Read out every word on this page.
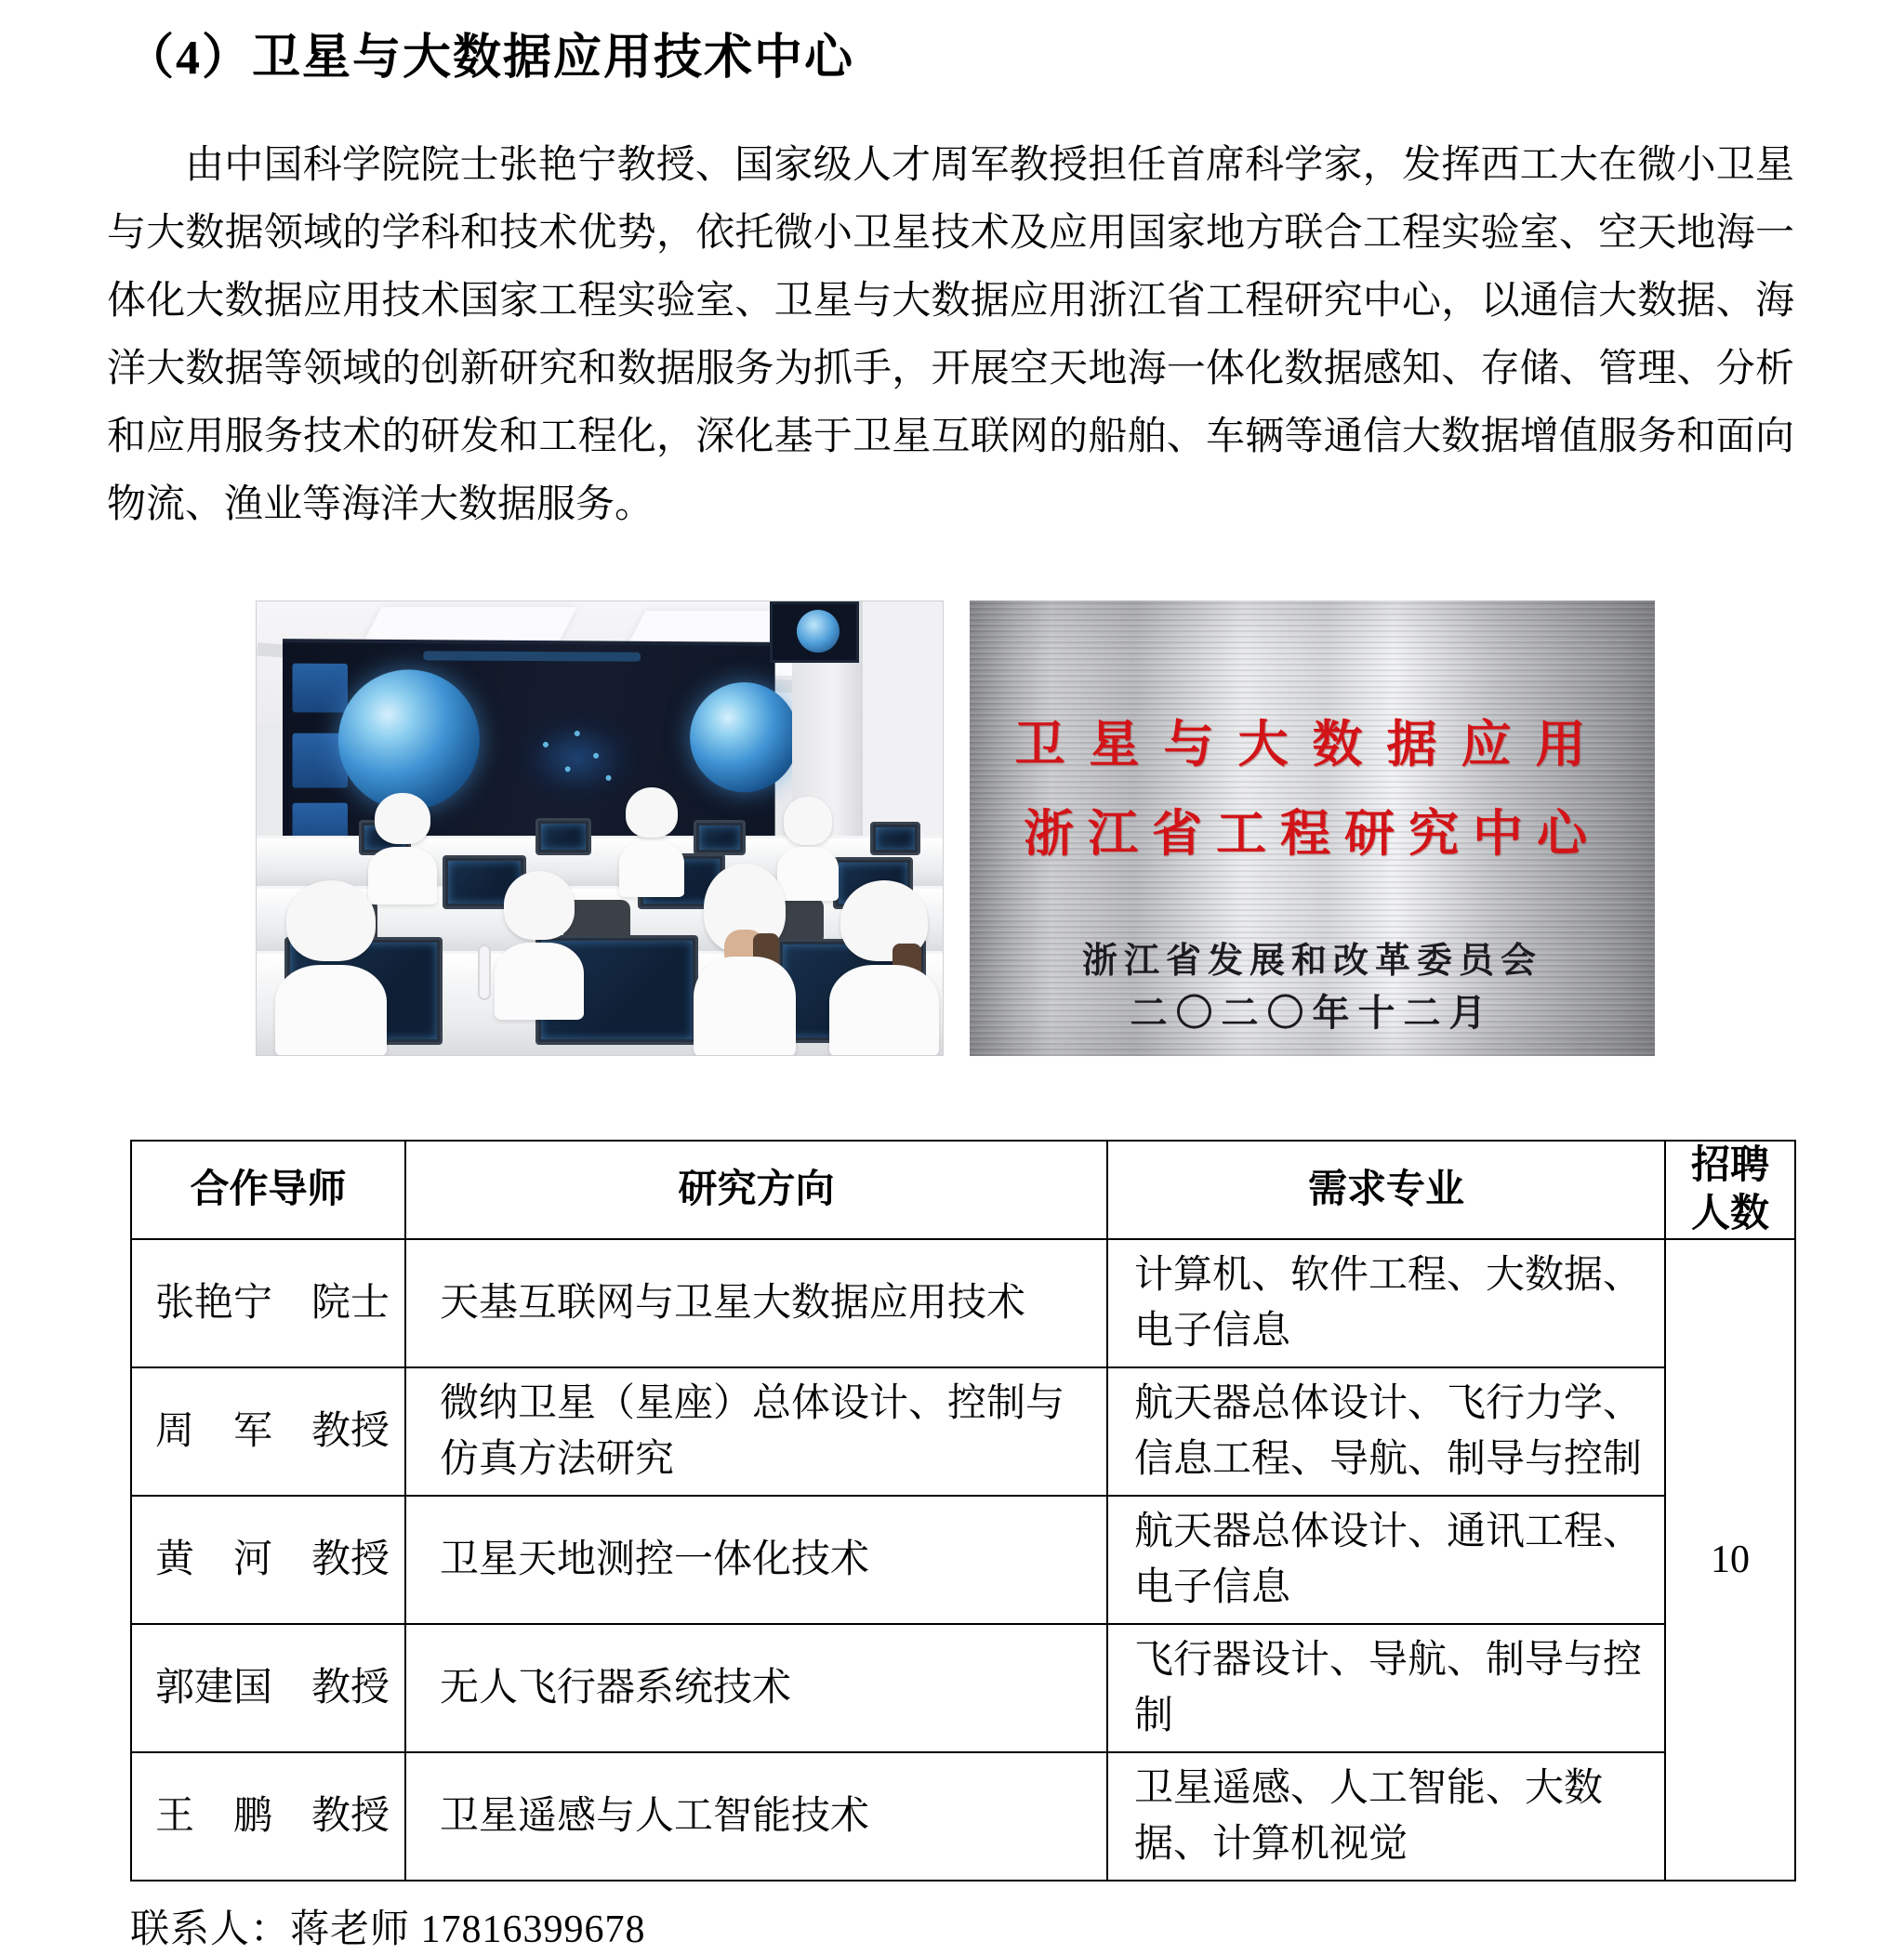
（4）卫星与大数据应用技术中心

由中国科学院院士张艳宁教授、国家级人才周军教授担任首席科学家，发挥西工大在微小卫星与大数据领域的学科和技术优势，依托微小卫星技术及应用国家地方联合工程实验室、空天地海一体化大数据应用技术国家工程实验室、卫星与大数据应用浙江省工程研究中心，以通信大数据、海洋大数据等领域的创新研究和数据服务为抓手，开展空天地海一体化数据感知、存储、管理、分析和应用服务技术的研发和工程化，深化基于卫星互联网的船舶、车辆等通信大数据增值服务和面向物流、渔业等海洋大数据服务。

卫星与大数据应用
浙江省工程研究中心
浙江省发展和改革委员会
二〇二〇年十二月
合作导师	研究方向	需求专业	招聘人数
张艳宁　院士	天基互联网与卫星大数据应用技术	计算机、软件工程、大数据、电子信息	10
周　军　教授	微纳卫星（星座）总体设计、控制与仿真方法研究	航天器总体设计、飞行力学、信息工程、导航、制导与控制	
黄　河　教授	卫星天地测控一体化技术	航天器总体设计、通讯工程、电子信息	
郭建国　教授	无人飞行器系统技术	飞行器设计、导航、制导与控制	
王　鹏　教授	卫星遥感与人工智能技术	卫星遥感、人工智能、大数据、计算机视觉	

联系人：蒋老师 17816399678
